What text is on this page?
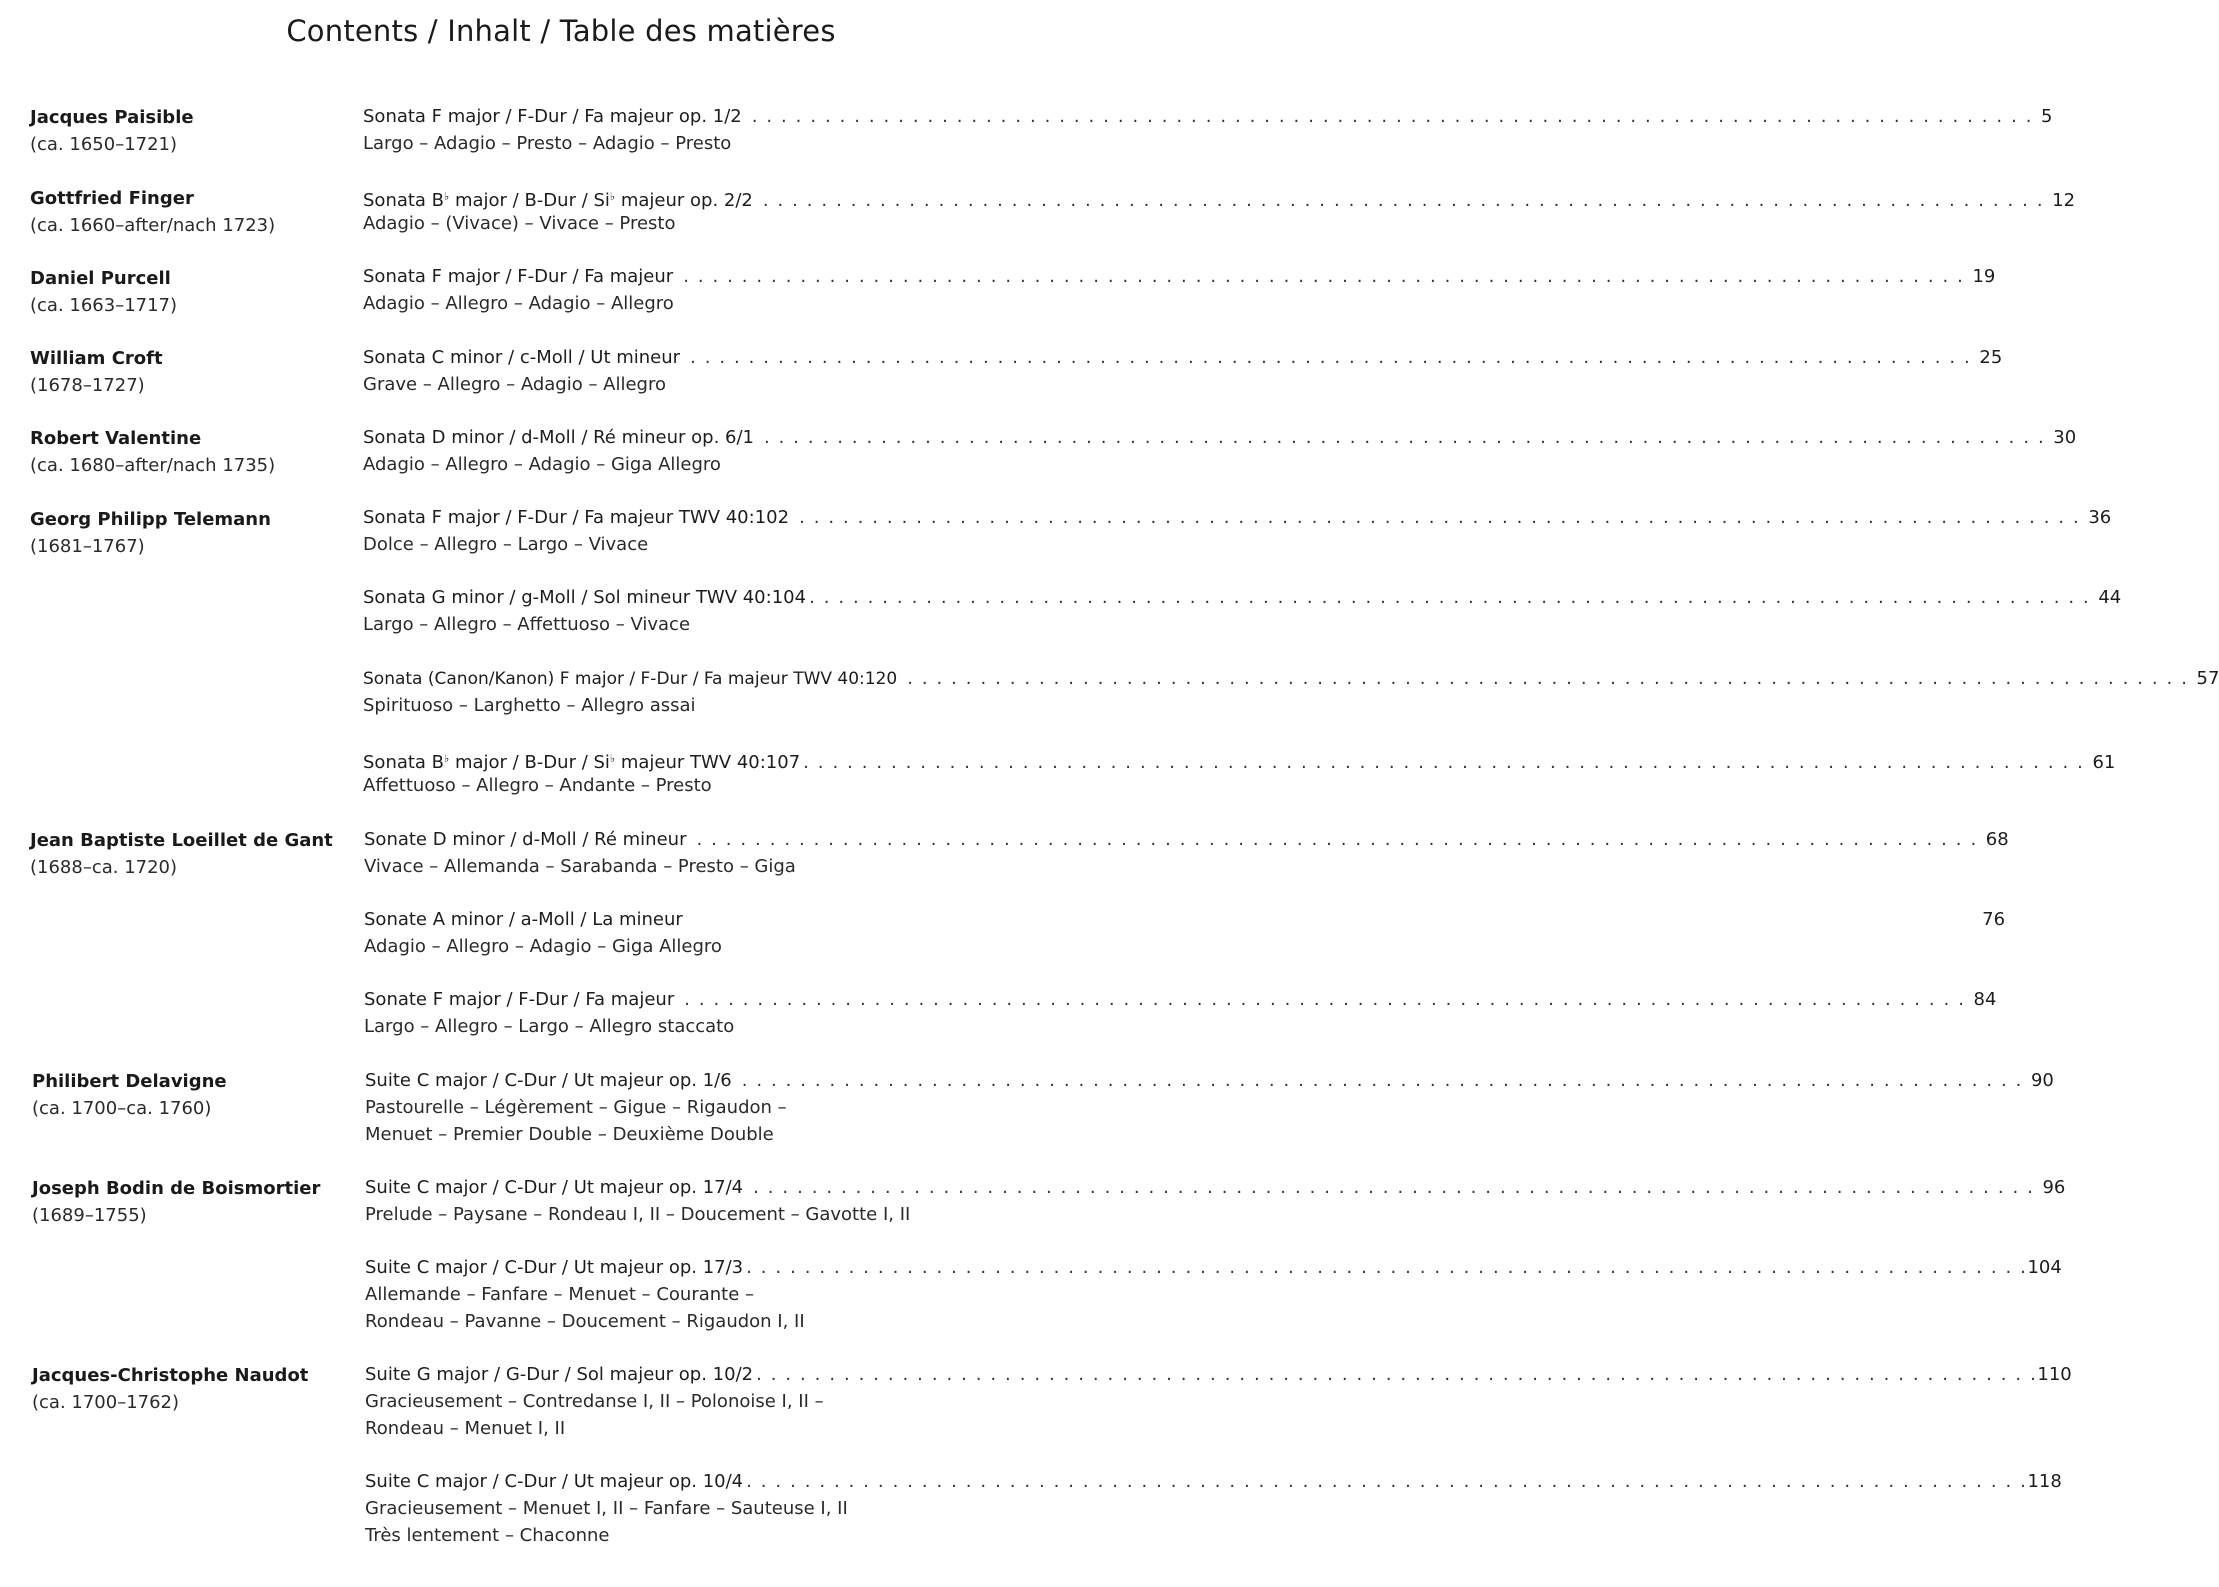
Contents / Inhalt / Table des matières
Jacques Paisible
(ca. 1650–1721)
Gottfried Finger
(ca. 1660–after/nach 1723)
Daniel Purcell
(ca. 1663–1717)
William Croft
(1678–1727)
Robert Valentine
(ca. 1680–after/nach 1735)
Georg Philipp Telemann
(1681–1767)
Jean Baptiste Loeillet de Gant
(1688–ca. 1720)
Philibert Delavigne
(ca. 1700–ca. 1760)
Joseph Bodin de Boismortier
(1689–1755)
Jacques-Christophe Naudot
(ca. 1700–1762)
Sonata F major / F-Dur / Fa majeur op. 1/2 . . . . . . . . . . . . . . . . . . . . . . . . . . . . . . . . . . . . . . . . . . . . . . . . . . . . . . . . . . . . . . . . . . . . . . . . . . . . . . . . . . . . . . . . 5
Largo – Adagio – Presto – Adagio – Presto
Sonata B♭ major / B-Dur / Si♭ majeur op. 2/2 . . . . . . . . . . . . . . . . . . . . . . . . . . . . . . . . . . . . . . . . . . . . . . . . . . . . . . . . . . . . . . . . . . . . . . . . . . . . . . . . . . . . . . . . 12
Adagio – (Vivace) – Vivace – Presto
Sonata F major / F-Dur / Fa majeur . . . . . . . . . . . . . . . . . . . . . . . . . . . . . . . . . . . . . . . . . . . . . . . . . . . . . . . . . . . . . . . . . . . . . . . . . . . . . . . . . . . . . . . . 19
Adagio – Allegro – Adagio – Allegro
Sonata C minor / c-Moll / Ut mineur . . . . . . . . . . . . . . . . . . . . . . . . . . . . . . . . . . . . . . . . . . . . . . . . . . . . . . . . . . . . . . . . . . . . . . . . . . . . . . . . . . . . . . . . 25
Grave – Allegro – Adagio – Allegro
Sonata D minor / d-Moll / Ré mineur op. 6/1 . . . . . . . . . . . . . . . . . . . . . . . . . . . . . . . . . . . . . . . . . . . . . . . . . . . . . . . . . . . . . . . . . . . . . . . . . . . . . . . . . . . . . . . . 30
Adagio – Allegro – Adagio – Giga Allegro
Sonata F major / F-Dur / Fa majeur TWV 40:102 . . . . . . . . . . . . . . . . . . . . . . . . . . . . . . . . . . . . . . . . . . . . . . . . . . . . . . . . . . . . . . . . . . . . . . . . . . . . . . . . . . . . . . . . 36
Dolce – Allegro – Largo – Vivace
Sonata G minor / g-Moll / Sol mineur TWV 40:104 . . . . . . . . . . . . . . . . . . . . . . . . . . . . . . . . . . . . . . . . . . . . . . . . . . . . . . . . . . . . . . . . . . . . . . . . . . . . . . . . . . . . . . . . 44
Largo – Allegro – Affettuoso – Vivace
Sonata (Canon/Kanon) F major / F-Dur / Fa majeur TWV 40:120 . . . . . . . . . . . . . . . . . . . . . . . . . . . . . . . . . . . . . . . . . . . . . . . . . . . . . . . . . . . . . . . . . . . . . . . . . . . . . . . . . . . . . . . . 57
Spirituoso – Larghetto – Allegro assai
Sonata B♭ major / B-Dur / Si♭ majeur TWV 40:107 . . . . . . . . . . . . . . . . . . . . . . . . . . . . . . . . . . . . . . . . . . . . . . . . . . . . . . . . . . . . . . . . . . . . . . . . . . . . . . . . . . . . . . . . 61
Affettuoso – Allegro – Andante – Presto
Sonate D minor / d-Moll / Ré mineur . . . . . . . . . . . . . . . . . . . . . . . . . . . . . . . . . . . . . . . . . . . . . . . . . . . . . . . . . . . . . . . . . . . . . . . . . . . . . . . . . . . . . . . . 68
Vivace – Allemanda – Sarabanda – Presto – Giga
Sonate A minor / a-Moll / La mineur	76
Adagio – Allegro – Adagio – Giga Allegro
Sonate F major / F-Dur / Fa majeur . . . . . . . . . . . . . . . . . . . . . . . . . . . . . . . . . . . . . . . . . . . . . . . . . . . . . . . . . . . . . . . . . . . . . . . . . . . . . . . . . . . . . . . . 84
Largo – Allegro – Largo – Allegro staccato
Suite C major / C-Dur / Ut majeur op. 1/6 . . . . . . . . . . . . . . . . . . . . . . . . . . . . . . . . . . . . . . . . . . . . . . . . . . . . . . . . . . . . . . . . . . . . . . . . . . . . . . . . . . . . . . . . 90
Pastourelle – Légèrement – Gigue – Rigaudon –
Menuet – Premier Double – Deuxième Double
Suite C major / C-Dur / Ut majeur op. 17/4 . . . . . . . . . . . . . . . . . . . . . . . . . . . . . . . . . . . . . . . . . . . . . . . . . . . . . . . . . . . . . . . . . . . . . . . . . . . . . . . . . . . . . . . . 96
Prelude – Paysane – Rondeau I, II – Doucement – Gavotte I, II
Suite C major / C-Dur / Ut majeur op. 17/3 . . . . . . . . . . . . . . . . . . . . . . . . . . . . . . . . . . . . . . . . . . . . . . . . . . . . . . . . . . . . . . . . . . . . . . . . . . . . . . . . . . . . . . . . 104
Allemande – Fanfare – Menuet – Courante –
Rondeau – Pavanne – Doucement – Rigaudon I, II
Suite G major / G-Dur / Sol majeur op. 10/2 . . . . . . . . . . . . . . . . . . . . . . . . . . . . . . . . . . . . . . . . . . . . . . . . . . . . . . . . . . . . . . . . . . . . . . . . . . . . . . . . . . . . . . . . 110
Gracieusement – Contredanse I, II – Polonoise I, II –
Rondeau – Menuet I, II
Suite C major / C-Dur / Ut majeur op. 10/4 . . . . . . . . . . . . . . . . . . . . . . . . . . . . . . . . . . . . . . . . . . . . . . . . . . . . . . . . . . . . . . . . . . . . . . . . . . . . . . . . . . . . . . . . 118
Gracieusement – Menuet I, II – Fanfare – Sauteuse I, II
Très lentement – Chaconne
